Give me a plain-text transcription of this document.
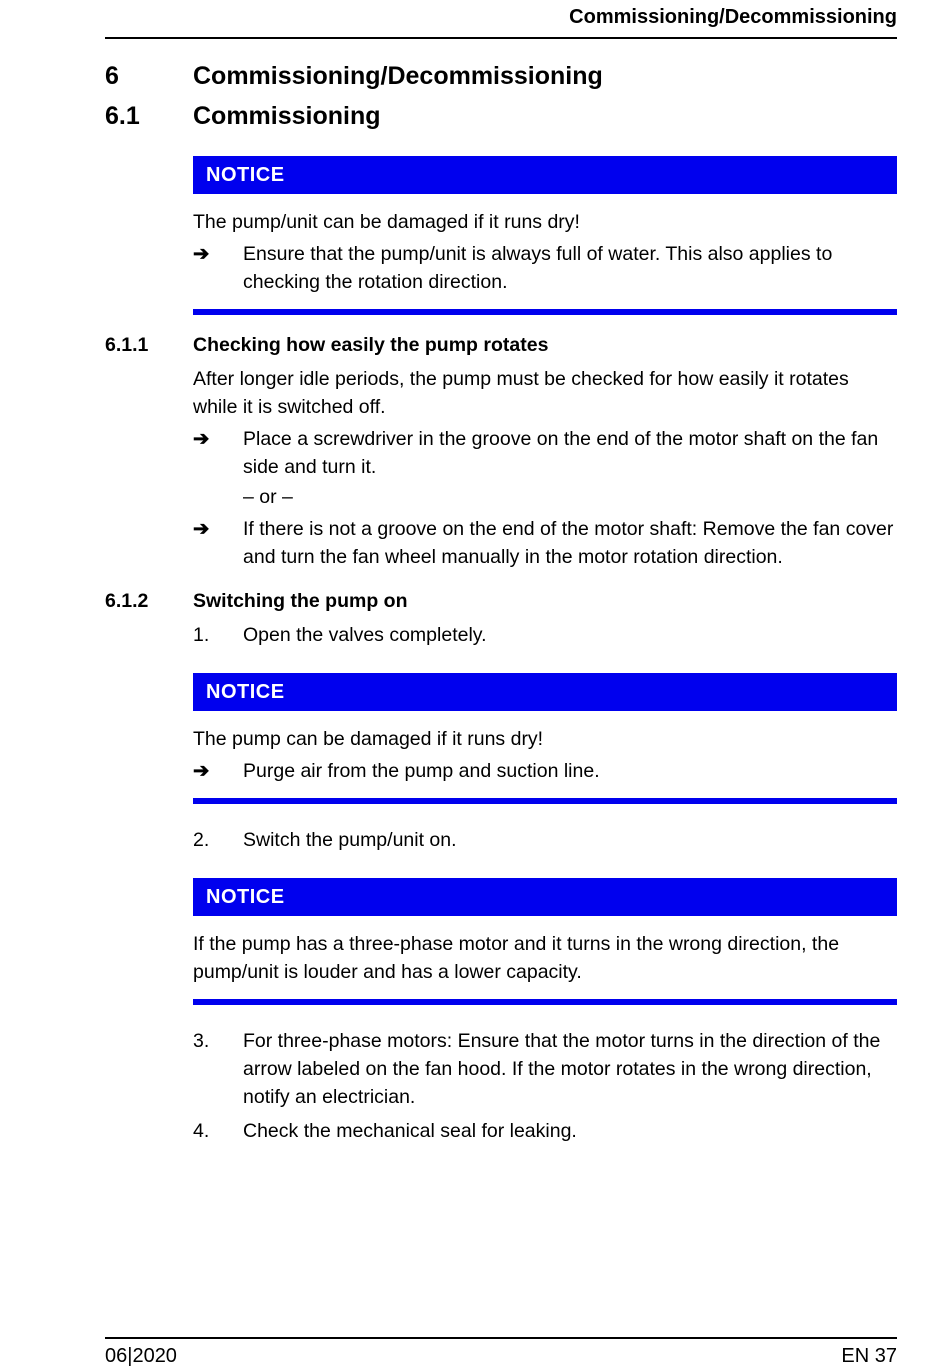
Commissioning/Decommissioning
6	Commissioning/Decommissioning
6.1	Commissioning
NOTICE
The pump/unit can be damaged if it runs dry!
➔	Ensure that the pump/unit is always full of water. This also applies to checking the rotation direction.
6.1.1	Checking how easily the pump rotates

After longer idle periods, the pump must be checked for how easily it rotates while it is switched off.

➔	Place a screwdriver in the groove on the end of the motor shaft on the fan side and turn it.
– or –
➔	If there is not a groove on the end of the motor shaft: Remove the fan cover and turn the fan wheel manually in the motor rotation direction.
6.1.2	Switching the pump on
1.	Open the valves completely.
NOTICE
The pump can be damaged if it runs dry!
➔	Purge air from the pump and suction line.
2.	Switch the pump/unit on.
NOTICE
If the pump has a three-phase motor and it turns in the wrong direction, the pump/unit is louder and has a lower capacity.
3.	For three-phase motors: Ensure that the motor turns in the direction of the arrow labeled on the fan hood. If the motor rotates in the wrong direction, notify an electrician.
4.	Check the mechanical seal for leaking.
06|2020	EN 37
